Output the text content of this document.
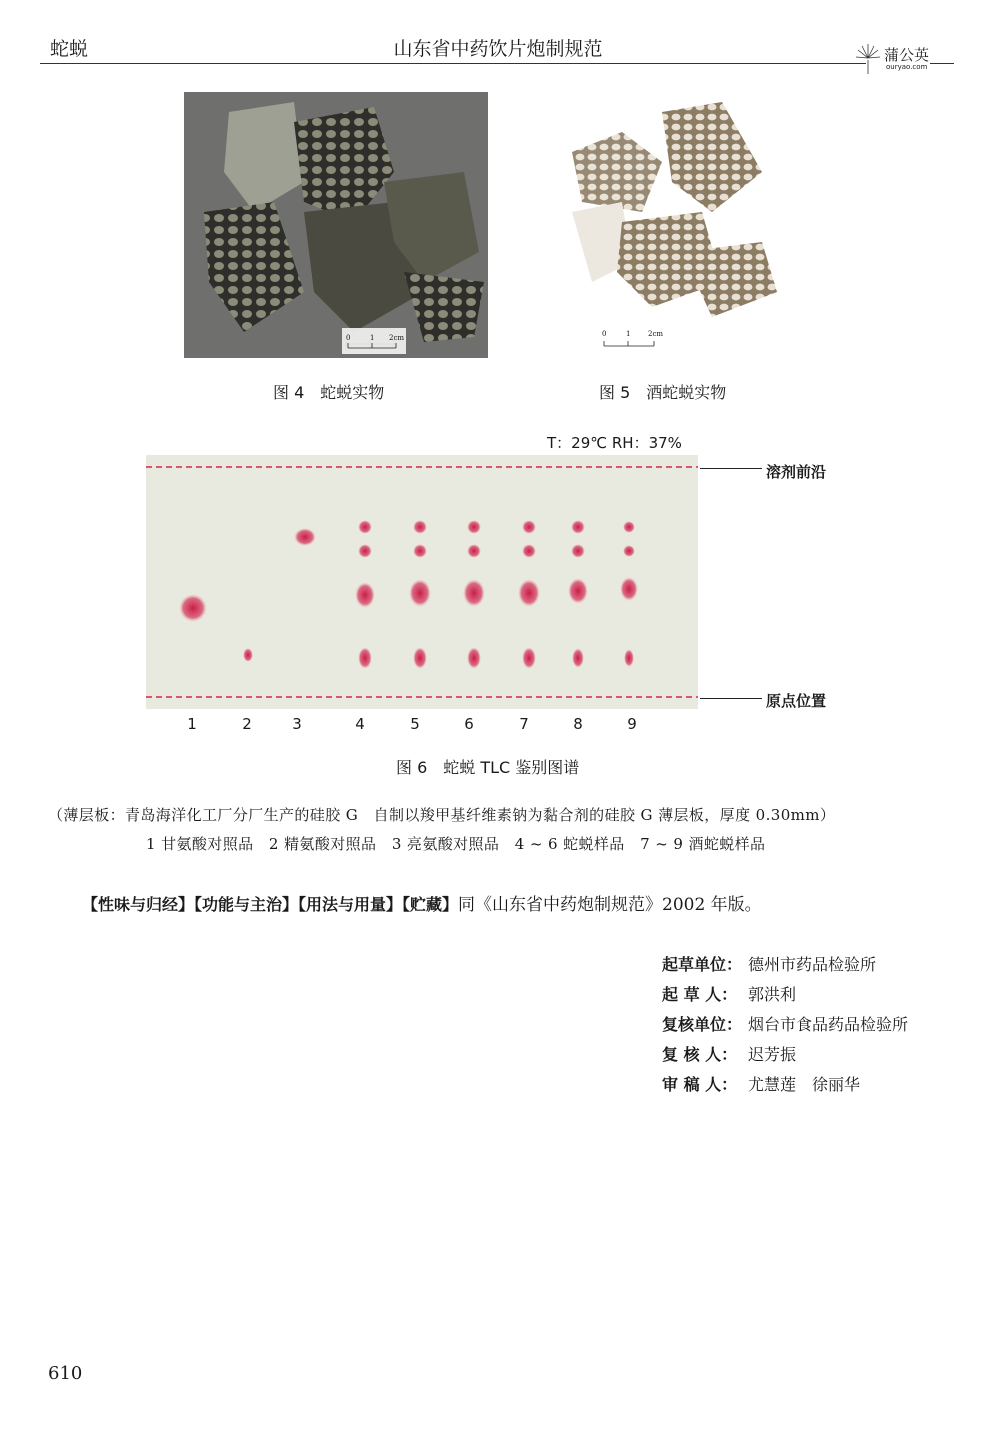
蛇蜕	山东省中药饮片炮制规范	蒲公英
ouryao.com
0	1 2cm	0	1	2cm
图 4　蛇蜕实物	图 5　酒蛇蜕实物
T：29℃ RH：37%
溶剂前沿
原点位置
1	2	3	4	5	6	7	8	9
图 6　蛇蜕 TLC 鉴别图谱
（薄层板：青岛海洋化工厂分厂生产的硅胶 G　自制以羧甲基纤维素钠为黏合剂的硅胶 G 薄层板，厚度 0.30mm）
1 甘氨酸对照品　2 精氨酸对照品　3 亮氨酸对照品　4 ~ 6 蛇蜕样品　7 ~ 9 酒蛇蜕样品
【性味与归经】【功能与主治】【用法与用量】【贮藏】同《山东省中药炮制规范》2002 年版。
起草单位： 德州市药品检验所
起 草 人： 郭洪利
复核单位： 烟台市食品药品检验所
复 核 人： 迟芳振
审 稿 人： 尤慧莲　徐丽华
610
